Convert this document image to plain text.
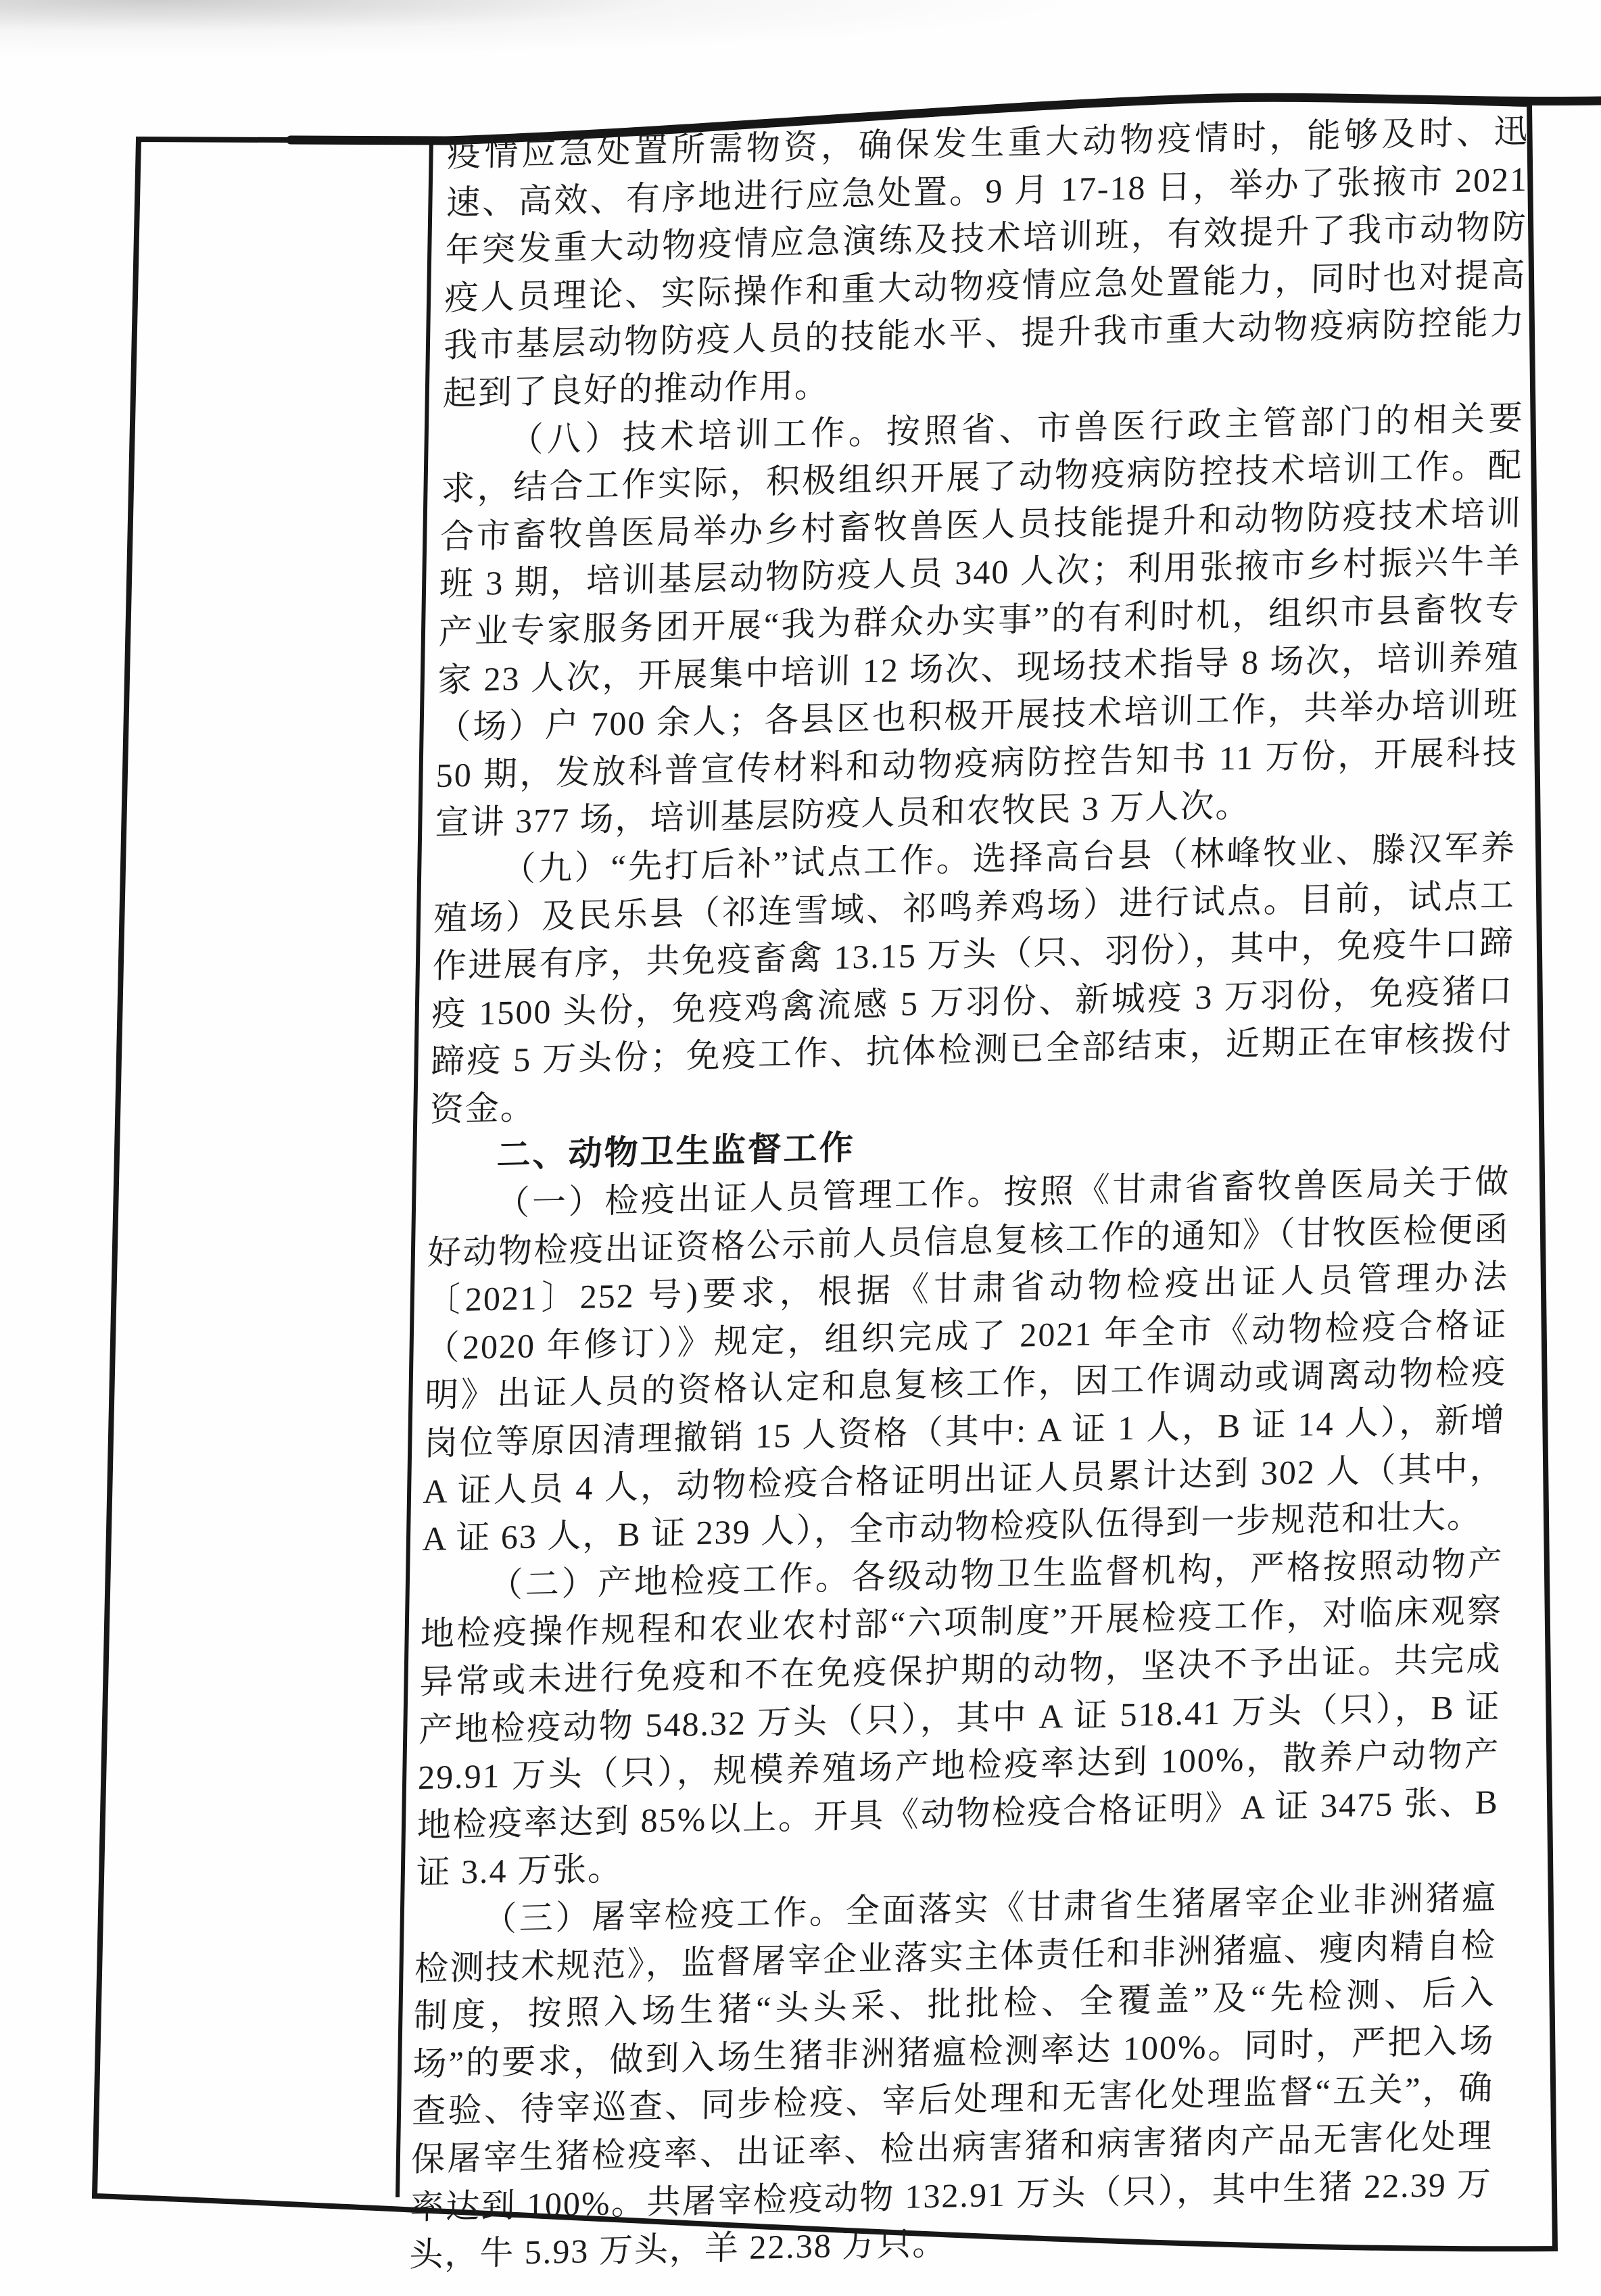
疫情应急处置所需物资，确保发生重大动物疫情时，能够及时、迅速、高效、有序地进行应急处置。9 月 17-18 日，举办了张掖市 2021 年突发重大动物疫情应急演练及技术培训班，有效提升了我市动物防疫人员理论、实际操作和重大动物疫情应急处置能力，同时也对提高我市基层动物防疫人员的技能水平、提升我市重大动物疫病防控能力起到了良好的推动作用。

（八）技术培训工作。按照省、市兽医行政主管部门的相关要求，结合工作实际，积极组织开展了动物疫病防控技术培训工作。配合市畜牧兽医局举办乡村畜牧兽医人员技能提升和动物防疫技术培训班 3 期，培训基层动物防疫人员 340 人次；利用张掖市乡村振兴牛羊产业专家服务团开展“我为群众办实事”的有利时机，组织市县畜牧专家 23 人次，开展集中培训 12 场次、现场技术指导 8 场次，培训养殖（场）户 700 余人；各县区也积极开展技术培训工作，共举办培训班 50 期，发放科普宣传材料和动物疫病防控告知书 11 万份，开展科技宣讲 377 场，培训基层防疫人员和农牧民 3 万人次。

（九）“先打后补”试点工作。选择高台县（林峰牧业、滕汉军养殖场）及民乐县（祁连雪域、祁鸣养鸡场）进行试点。目前，试点工作进展有序，共免疫畜禽 13.15 万头（只、羽份），其中，免疫牛口蹄疫 1500 头份，免疫鸡禽流感 5 万羽份、新城疫 3 万羽份，免疫猪口蹄疫 5 万头份；免疫工作、抗体检测已全部结束，近期正在审核拨付资金。

二、动物卫生监督工作

（一）检疫出证人员管理工作。按照《甘肃省畜牧兽医局关于做好动物检疫出证资格公示前人员信息复核工作的通知》（甘牧医检便函〔2021〕252 号)要求，根据《甘肃省动物检疫出证人员管理办法（2020 年修订）》规定，组织完成了 2021 年全市《动物检疫合格证明》出证人员的资格认定和息复核工作，因工作调动或调离动物检疫岗位等原因清理撤销 15 人资格（其中: A 证 1 人，B 证 14 人），新增 A 证人员 4 人，动物检疫合格证明出证人员累计达到 302 人（其中，A 证 63 人，B 证 239 人），全市动物检疫队伍得到一步规范和壮大。

（二）产地检疫工作。各级动物卫生监督机构，严格按照动物产地检疫操作规程和农业农村部“六项制度”开展检疫工作，对临床观察异常或未进行免疫和不在免疫保护期的动物，坚决不予出证。共完成产地检疫动物 548.32 万头（只），其中 A 证 518.41 万头（只），B 证 29.91 万头（只），规模养殖场产地检疫率达到 100%，散养户动物产地检疫率达到 85%以上。开具《动物检疫合格证明》A 证 3475 张、B 证 3.4 万张。

（三）屠宰检疫工作。全面落实《甘肃省生猪屠宰企业非洲猪瘟检测技术规范》，监督屠宰企业落实主体责任和非洲猪瘟、瘦肉精自检制度，按照入场生猪“头头采、批批检、全覆盖”及“先检测、后入场”的要求，做到入场生猪非洲猪瘟检测率达 100%。同时，严把入场查验、待宰巡查、同步检疫、宰后处理和无害化处理监督“五关”，确保屠宰生猪检疫率、出证率、检出病害猪和病害猪肉产品无害化处理率达到 100%。共屠宰检疫动物 132.91 万头（只），其中生猪 22.39 万头，牛 5.93 万头，羊 22.38 万只。
